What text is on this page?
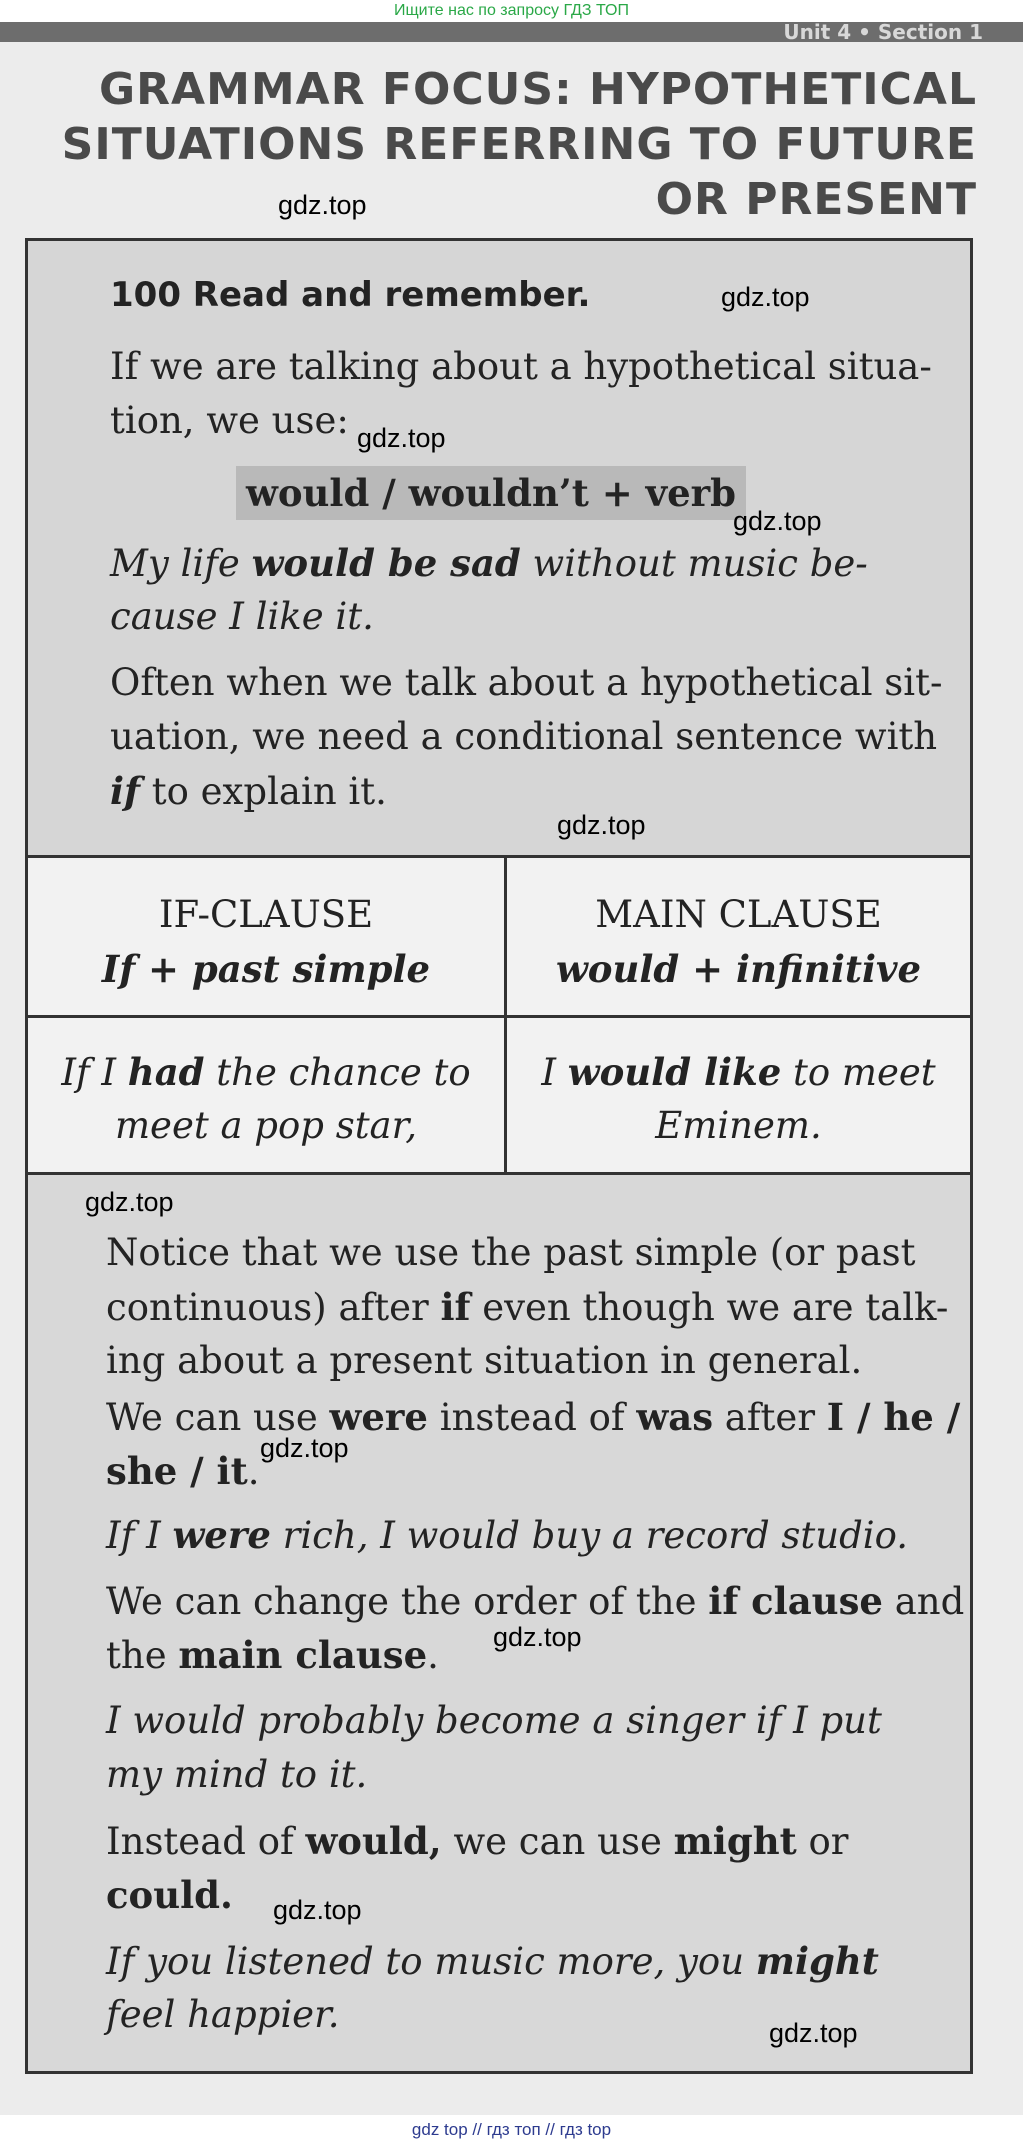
Ищите нас по запросу ГДЗ ТОП
Unit 4 • Section 1
GRAMMAR FOCUS: HYPOTHETICAL
SITUATIONS REFERRING TO FUTURE
OR PRESENT
100 Read and remember.
If we are talking about a hypothetical situa-
tion, we use:
would / wouldn’t + verb
My life would be sad without music be-
cause I like it.
Often when we talk about a hypothetical sit-
uation, we need a conditional sentence with
if to explain it.
IF-CLAUSE
If + past simple
MAIN CLAUSE
would + infinitive
If I had the chance to
meet a pop star,
I would like to meet
Eminem.
Notice that we use the past simple (or past
continuous) after if even though we are talk-
ing about a present situation in general.
We can use were instead of was after I / he /
she / it.
If I were rich, I would buy a record studio.
We can change the order of the if clause and
the main clause.
I would probably become a singer if I put
my mind to it.
Instead of would, we can use might or
could.
If you listened to music more, you might
feel happier.
gdz.top
gdz.top
gdz.top
gdz.top
gdz.top
gdz.top
gdz.top
gdz.top
gdz.top
gdz.top
gdz top // гдз топ // гдз top
